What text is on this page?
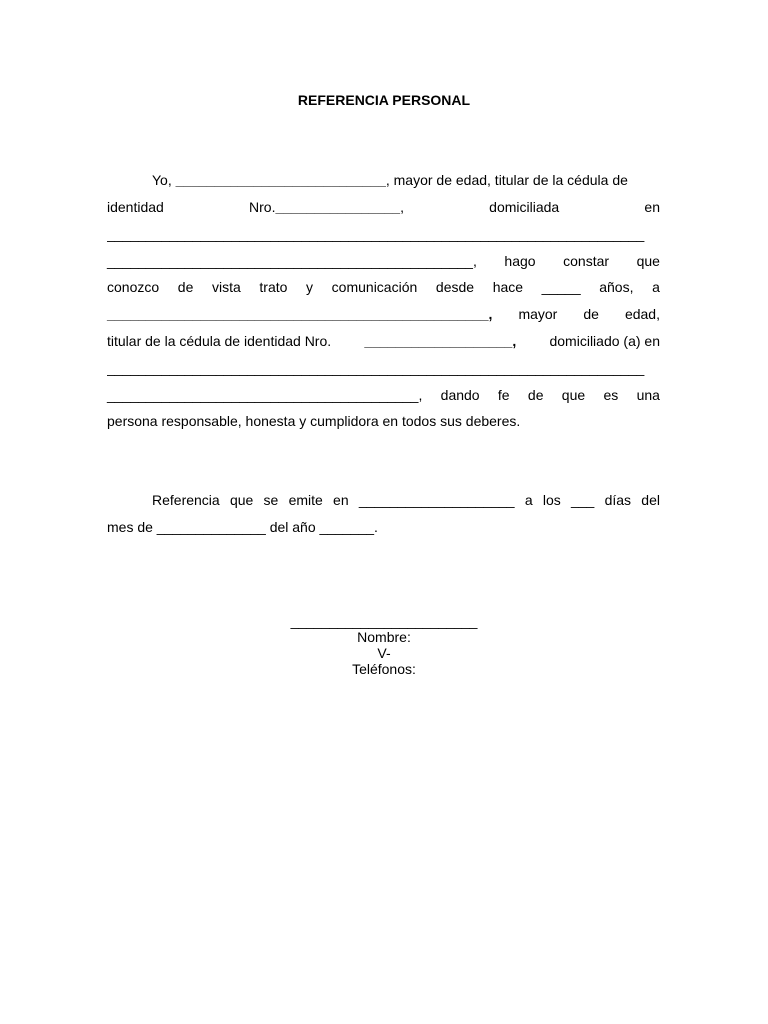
REFERENCIA PERSONAL
Yo, ___________________________, mayor de edad, titular de la cédula de
identidad	Nro.________________,	domiciliada	en
_____________________________________________________________________
_______________________________________________, hago constar que
conozco de vista trato y comunicación desde hace _____ años, a
_________________________________________________, mayor de edad,
titular de la cédula de identidad Nro. ___________________, domiciliado (a) en
_____________________________________________________________________
________________________________________, dando fe de que es una
persona responsable, honesta y cumplidora en todos sus deberes.
Referencia que se emite en ____________________ a los ___ días del
mes de ______________ del año _______.
________________________
Nombre:
V-
Teléfonos:
